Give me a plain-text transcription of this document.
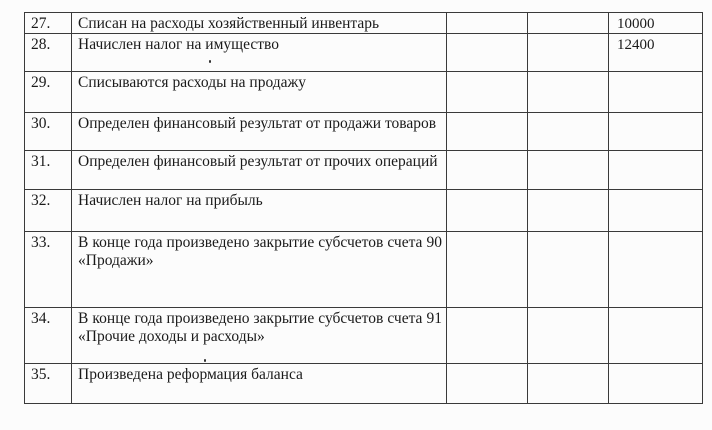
27.	Списан на расходы хозяйственный инвентарь			10000
28.	Начислен налог на имущество			12400
29.	Списываются расходы на продажу			
30.	Определен финансовый результат от продажи товаров			
31.	Определен финансовый результат от прочих операций			
32.	Начислен налог на прибыль			
33.	В конце года произведено закрытие субсчетов счета 90 «Продажи»			
34.	В конце года произведено закрытие субсчетов счета 91 «Прочие доходы и расходы»			
35.	Произведена реформация баланса			
